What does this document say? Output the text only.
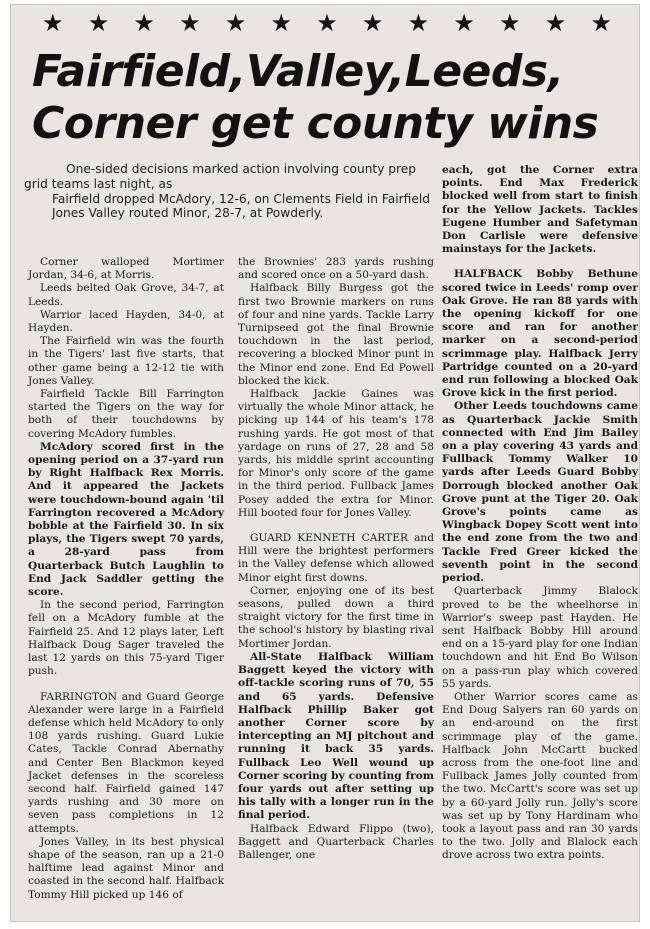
★ ★ ★ ★ ★ ★ ★ ★ ★ ★ ★ ★ ★
Fairfield,Valley,Leeds,
Corner get county wins

One-sided decisions marked action involving county prep grid teams last night, as

Fairfield dropped McAdory, 12-6, on Clements Field in Fairfield

Jones Valley routed Minor, 28-7, at Powderly.

Corner walloped Mortimer Jordan, 34-6, at Morris.

Leeds belted Oak Grove, 34-7, at Leeds.

Warrior laced Hayden, 34-0, at Hayden.

The Fairfield win was the fourth in the Tigers' last five starts, that other game being a 12-12 tie with Jones Valley.

Fairfield Tackle Bill Farrington started the Tigers on the way for both of their touchdowns by covering McAdory fumbles.

McAdory scored first in the opening period on a 37-yard run by Right Halfback Rex Morris. And it appeared the Jackets were touchdown-bound again 'til Farrington recovered a McAdory bobble at the Fairfield 30. In six plays, the Tigers swept 70 yards, a 28-yard pass from Quarterback Butch Laughlin to End Jack Saddler getting the score.

In the second period, Farrington fell on a McAdory fumble at the Fairfield 25. And 12 plays later, Left Halfback Doug Sager traveled the last 12 yards on this 75-yard Tiger push.

FARRINGTON and Guard George Alexander were large in a Fairfield defense which held McAdory to only 108 yards rushing. Guard Lukie Cates, Tackle Conrad Abernathy and Center Ben Blackmon keyed Jacket defenses in the scoreless second half. Fairfield gained 147 yards rushing and 30 more on seven pass completions in 12 attempts.

Jones Valley, in its best physical shape of the season, ran up a 21-0 halftime lead against Minor and coasted in the second half. Halfback Tommy Hill picked up 146 of

the Brownies' 283 yards rushing and scored once on a 50-yard dash.

Halfback Billy Burgess got the first two Brownie markers on runs of four and nine yards. Tackle Larry Turnipseed got the final Brownie touchdown in the last period, recovering a blocked Minor punt in the Minor end zone. End Ed Powell blocked the kick.

Halfback Jackie Gaines was virtually the whole Minor attack, he picking up 144 of his team's 178 rushing yards. He got most of that yardage on runs of 27, 28 and 58 yards, his middle sprint accounting for Minor's only score of the game in the third period. Fullback James Posey added the extra for Minor. Hill booted four for Jones Valley.

GUARD KENNETH CARTER and Hill were the brightest performers in the Valley defense which allowed Minor eight first downs.

Corner, enjoying one of its best seasons, pulled down a third straight victory for the first time in the school's history by blasting rival Mortimer Jordan.

All-State Halfback William Baggett keyed the victory with off-tackle scoring runs of 70, 55 and 65 yards. Defensive Halfback Phillip Baker got another Corner score by intercepting an MJ pitchout and running it back 35 yards. Fullback Leo Well wound up Corner scoring by counting from four yards out after setting up his tally with a longer run in the final period.

Halfback Edward Flippo (two), Baggett and Quarterback Charles Ballenger, one

each, got the Corner extra points. End Max Frederick blocked well from start to finish for the Yellow Jackets. Tackles Eugene Humber and Safetyman Don Carlisle were defensive mainstays for the Jackets.

HALFBACK Bobby Bethune scored twice in Leeds' romp over Oak Grove. He ran 88 yards with the opening kickoff for one score and ran for another marker on a second-period scrimmage play. Halfback Jerry Partridge counted on a 20-yard end run following a blocked Oak Grove kick in the first period.

Other Leeds touchdowns came as Quarterback Jackie Smith connected with End Jim Bailey on a play covering 43 yards and Fullback Tommy Walker 10 yards after Leeds Guard Bobby Dorrough blocked another Oak Grove punt at the Tiger 20. Oak Grove's points came as Wingback Dopey Scott went into the end zone from the two and Tackle Fred Greer kicked the seventh point in the second period.

Quarterback Jimmy Blalock proved to be the wheelhorse in Warrior's sweep past Hayden. He sent Halfback Bobby Hill around end on a 15-yard play for one Indian touchdown and hit End Bo Wilson on a pass-run play which covered 55 yards.

Other Warrior scores came as End Doug Salyers ran 60 yards on an end-around on the first scrimmage play of the game. Halfback John McCartt bucked across from the one-foot line and Fullback James Jolly counted from the two. McCartt's score was set up by a 60-yard Jolly run. Jolly's score was set up by Tony Hardinam who took a layout pass and ran 30 yards to the two. Jolly and Blalock each drove across two extra points.
